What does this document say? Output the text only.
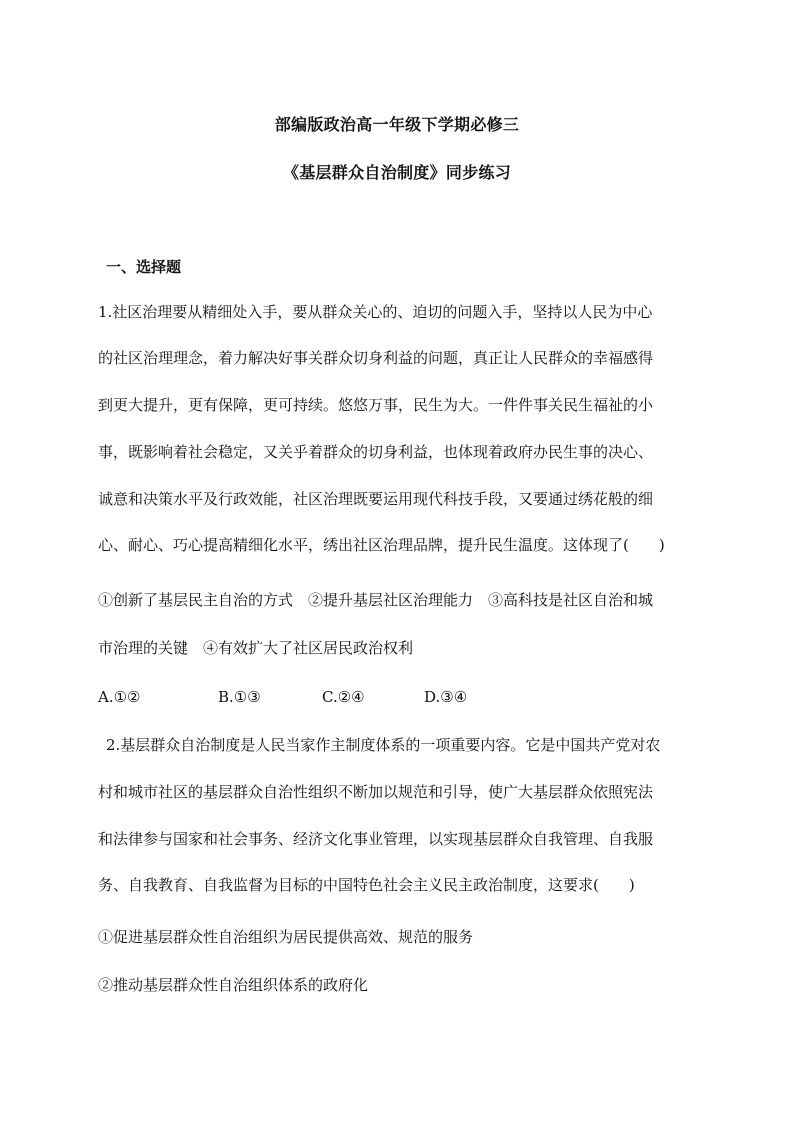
部编版政治高一年级下学期必修三
《基层群众自治制度》同步练习
一、选择题
1.社区治理要从精细处入手，要从群众关心的、迫切的问题入手，坚持以人民为中心
的社区治理理念，着力解决好事关群众切身利益的问题，真正让人民群众的幸福感得
到更大提升，更有保障，更可持续。悠悠万事，民生为大。一件件事关民生福祉的小
事，既影响着社会稳定，又关乎着群众的切身利益，也体现着政府办民生事的决心、
诚意和决策水平及行政效能，社区治理既要运用现代科技手段，又要通过绣花般的细
心、耐心、巧心提高精细化水平，绣出社区治理品牌，提升民生温度。这体现了(　　)
①创新了基层民主自治的方式　②提升基层社区治理能力　③高科技是社区自治和城
市治理的关键　④有效扩大了社区居民政治权利
A.①②	B.①③	C.②④	D.③④
2.基层群众自治制度是人民当家作主制度体系的一项重要内容。它是中国共产党对农
村和城市社区的基层群众自治性组织不断加以规范和引导，使广大基层群众依照宪法
和法律参与国家和社会事务、经济文化事业管理，以实现基层群众自我管理、自我服
务、自我教育、自我监督为目标的中国特色社会主义民主政治制度，这要求(　　)
①促进基层群众性自治组织为居民提供高效、规范的服务
②推动基层群众性自治组织体系的政府化
